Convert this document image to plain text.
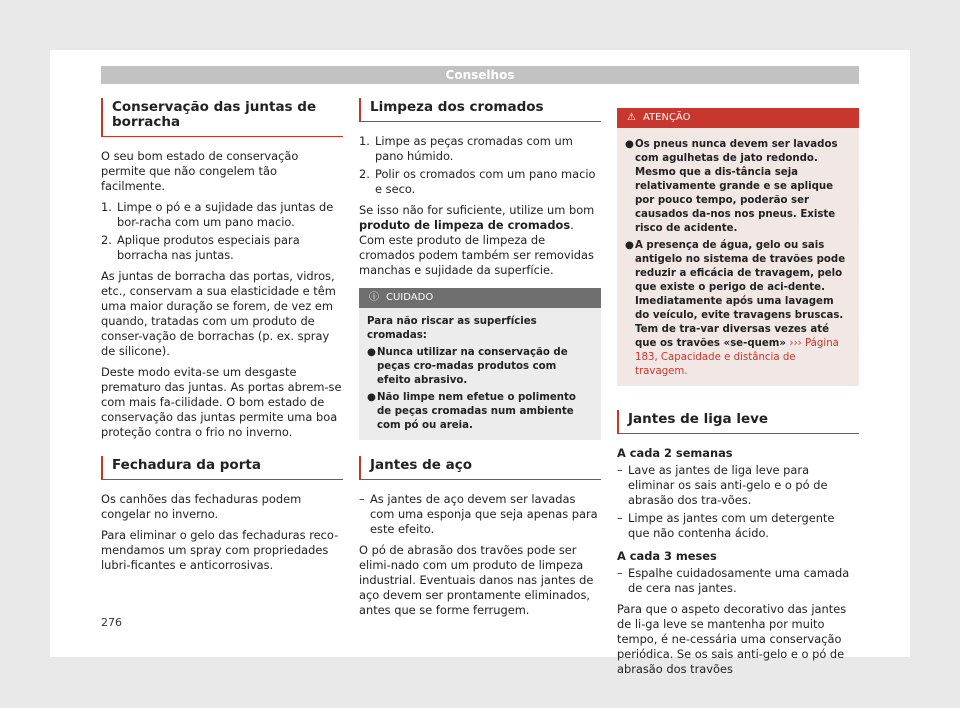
Conselhos
Conservação das juntas de borracha

O seu bom estado de conservação permite que não congelem tão facilmente.

1. Limpe o pó e a sujidade das juntas de bor-racha com um pano macio.
2. Aplique produtos especiais para borracha nas juntas.

As juntas de borracha das portas, vidros, etc., conservam a sua elasticidade e têm uma maior duração se forem, de vez em quando, tratadas com um produto de conser-vação de borrachas (p. ex. spray de silicone).

Deste modo evita-se um desgaste prematuro das juntas. As portas abrem-se com mais fa-cilidade. O bom estado de conservação das juntas permite uma boa proteção contra o frio no inverno.

Fechadura da porta

Os canhões das fechaduras podem congelar no inverno.

Para eliminar o gelo das fechaduras reco-mendamos um spray com propriedades lubri-ficantes e anticorrosivas.

Limpeza dos cromados
1. Limpe as peças cromadas com um pano húmido.
2. Polir os cromados com um pano macio e seco.

Se isso não for suficiente, utilize um bom produto de limpeza de cromados. Com este produto de limpeza de cromados podem também ser removidas manchas e sujidade da superfície.

ⓘ CUIDADO
Para não riscar as superfícies cromadas:
● Nunca utilizar na conservação de peças cro-madas produtos com efeito abrasivo.
● Não limpe nem efetue o polimento de peças cromadas num ambiente com pó ou areia.
Jantes de aço
– As jantes de aço devem ser lavadas com uma esponja que seja apenas para este efeito.

O pó de abrasão dos travões pode ser elimi-nado com um produto de limpeza industrial. Eventuais danos nas jantes de aço devem ser prontamente eliminados, antes que se forme ferrugem.

⚠ ATENÇÃO
● Os pneus nunca devem ser lavados com agulhetas de jato redondo. Mesmo que a dis-tância seja relativamente grande e se aplique por pouco tempo, poderão ser causados da-nos nos pneus. Existe risco de acidente.
● A presença de água, gelo ou sais antigelo no sistema de travões pode reduzir a eficácia de travagem, pelo que existe o perigo de aci-dente. Imediatamente após uma lavagem do veículo, evite travagens bruscas. Tem de tra-var diversas vezes até que os travões «se-quem» ››› Página 183, Capacidade e distância de travagem.
Jantes de liga leve
A cada 2 semanas
– Lave as jantes de liga leve para eliminar os sais anti-gelo e o pó de abrasão dos tra-vões.
– Limpe as jantes com um detergente que não contenha ácido.
A cada 3 meses
– Espalhe cuidadosamente uma camada de cera nas jantes.

Para que o aspeto decorativo das jantes de li-ga leve se mantenha por muito tempo, é ne-cessária uma conservação periódica. Se os sais anti-gelo e o pó de abrasão dos travões

276
